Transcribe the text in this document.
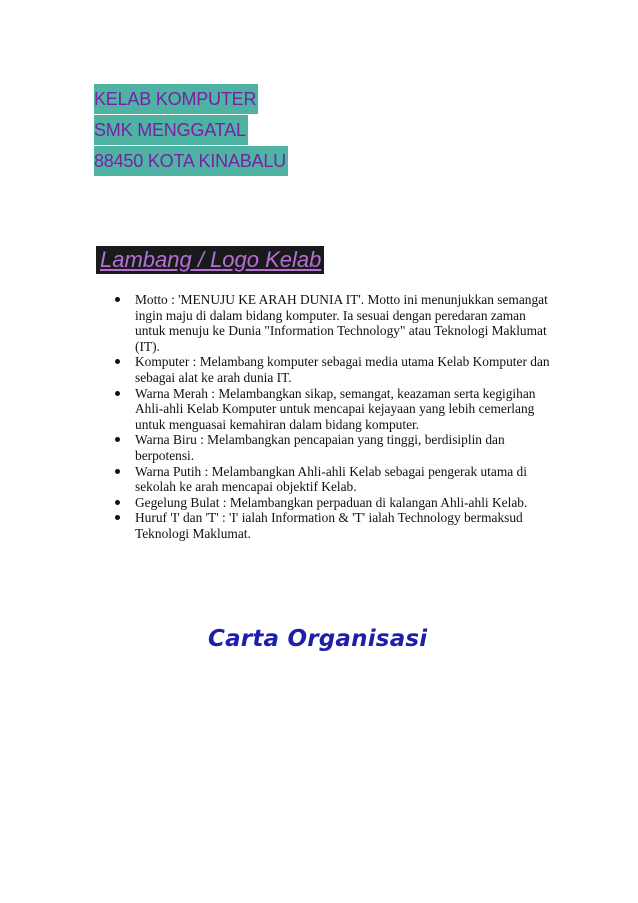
KELAB KOMPUTER
SMK MENGGATAL
88450 KOTA KINABALU
Lambang / Logo Kelab
Motto : 'MENUJU KE ARAH DUNIA IT'. Motto ini menunjukkan semangat ingin maju di dalam bidang komputer. Ia sesuai dengan peredaran zaman untuk menuju ke Dunia "Information Technology" atau Teknologi Maklumat (IT).
Komputer : Melambang komputer sebagai media utama Kelab Komputer dan sebagai alat ke arah dunia IT.
Warna Merah : Melambangkan sikap, semangat, keazaman serta kegigihan Ahli-ahli Kelab Komputer untuk mencapai kejayaan yang lebih cemerlang untuk menguasai kemahiran dalam bidang komputer.
Warna Biru : Melambangkan pencapaian yang tinggi, berdisiplin dan berpotensi.
Warna Putih : Melambangkan Ahli-ahli Kelab sebagai pengerak utama di sekolah ke arah mencapai objektif Kelab.
Gegelung Bulat : Melambangkan perpaduan di kalangan Ahli-ahli Kelab.
Huruf 'I' dan 'T' : 'I' ialah Information & 'T' ialah Technology bermaksud Teknologi Maklumat.
Carta Organisasi
